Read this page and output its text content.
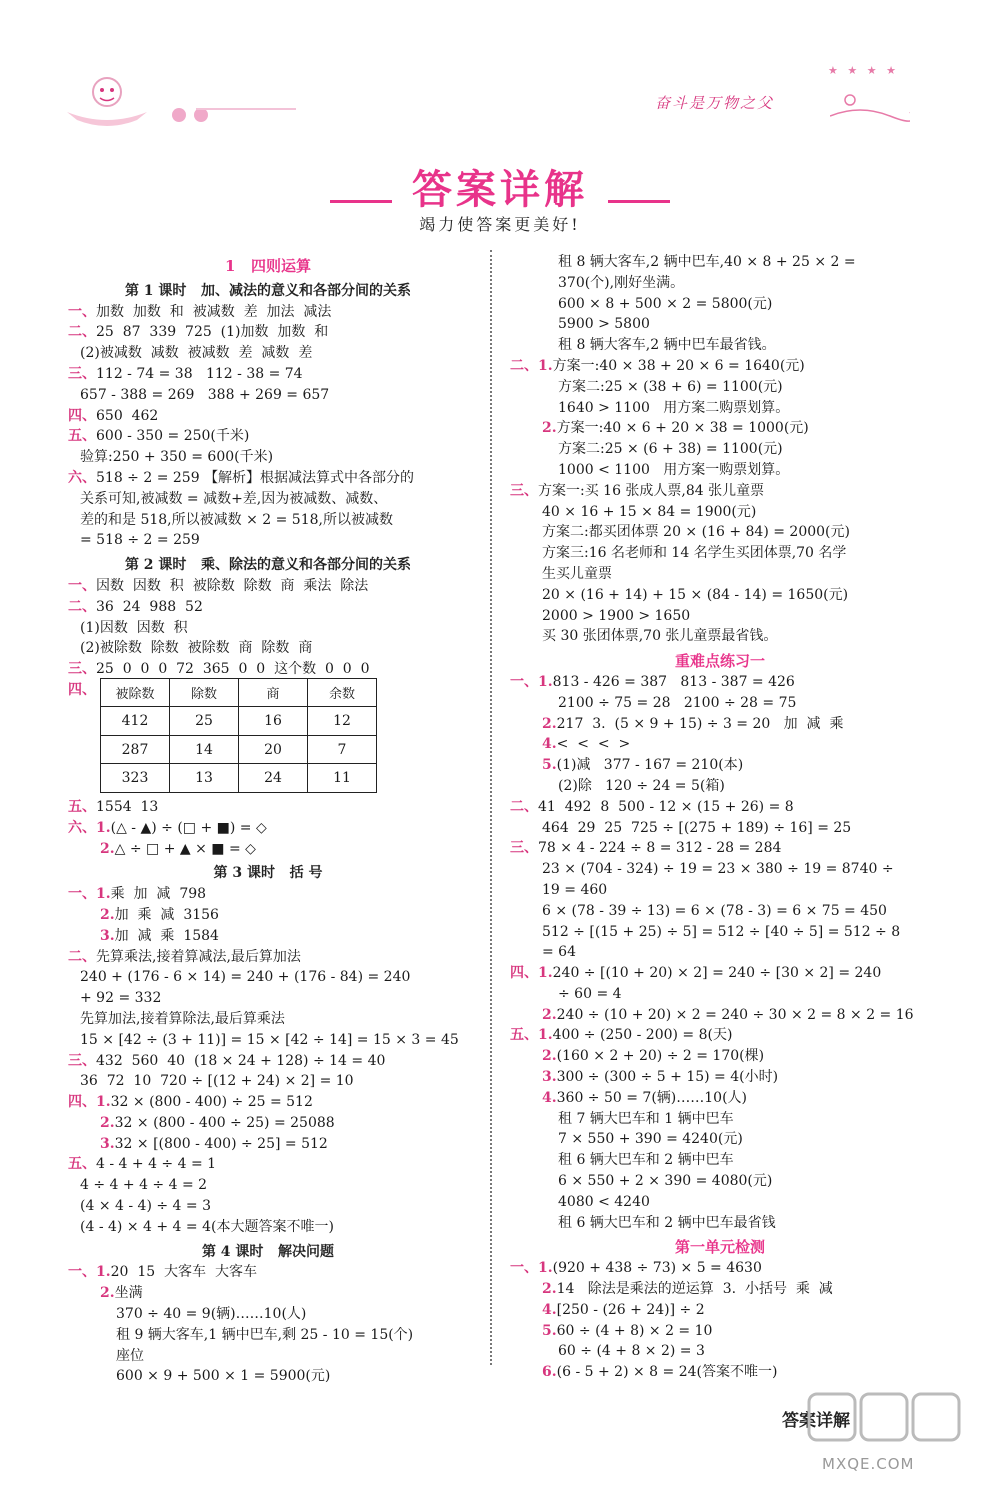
奋斗是万物之父
★ ★ ★ ★
答案详解
竭力使答案更美好!
1   四则运算
第 1 课时   加、减法的意义和各部分间的关系
一、加数  加数  和  被减数  差  加法  减法
二、25  87  339  725  (1)加数  加数  和
(2)被减数  减数  被减数  差  减数  差
三、112 - 74 = 38   112 - 38 = 74
657 - 388 = 269   388 + 269 = 657
四、650  462
五、600 - 350 = 250(千米)
验算:250 + 350 = 600(千米)
六、518 ÷ 2 = 259 【解析】根据减法算式中各部分的
关系可知,被减数 = 减数+差,因为被减数、减数、
差的和是 518,所以被减数 × 2 = 518,所以被减数
= 518 ÷ 2 = 259
第 2 课时   乘、除法的意义和各部分间的关系
一、因数  因数  积  被除数  除数  商  乘法  除法
二、36  24  988  52
(1)因数  因数  积
(2)被除数  除数  被除数  商  除数  商
三、25  0  0  0  72  365  0  0  这个数  0  0  0
四、	被除数	除数	商	余数
412	25	16	12
287	14	20	7
323	13	24	11
五、1554  13
六、1.(△ - ▲) ÷ (□ + ■) = ◇
2.△ ÷ □ + ▲ × ■ = ◇
第 3 课时   括 号
一、1.乘  加  减  798
2.加  乘  减  3156
3.加  减  乘  1584
二、先算乘法,接着算减法,最后算加法
240 + (176 - 6 × 14) = 240 + (176 - 84) = 240
+ 92 = 332
先算加法,接着算除法,最后算乘法
15 × [42 ÷ (3 + 11)] = 15 × [42 ÷ 14] = 15 × 3 = 45
三、432  560  40  (18 × 24 + 128) ÷ 14 = 40
36  72  10  720 ÷ [(12 + 24) × 2] = 10
四、1.32 × (800 - 400) ÷ 25 = 512
2.32 × (800 - 400 ÷ 25) = 25088
3.32 × [(800 - 400) ÷ 25] = 512
五、4 - 4 + 4 ÷ 4 = 1
4 ÷ 4 + 4 ÷ 4 = 2
(4 × 4 - 4) ÷ 4 = 3
(4 - 4) × 4 + 4 = 4(本大题答案不唯一)
第 4 课时   解决问题
一、1.20  15  大客车  大客车
2.坐满
370 ÷ 40 = 9(辆)……10(人)
租 9 辆大客车,1 辆中巴车,剩 25 - 10 = 15(个)
座位
600 × 9 + 500 × 1 = 5900(元)
租 8 辆大客车,2 辆中巴车,40 × 8 + 25 × 2 =
370(个),刚好坐满。
600 × 8 + 500 × 2 = 5800(元)
5900 > 5800
租 8 辆大客车,2 辆中巴车最省钱。
二、1.方案一:40 × 38 + 20 × 6 = 1640(元)
方案二:25 × (38 + 6) = 1100(元)
1640 > 1100   用方案二购票划算。
2.方案一:40 × 6 + 20 × 38 = 1000(元)
方案二:25 × (6 + 38) = 1100(元)
1000 < 1100   用方案一购票划算。
三、方案一:买 16 张成人票,84 张儿童票
40 × 16 + 15 × 84 = 1900(元)
方案二:都买团体票 20 × (16 + 84) = 2000(元)
方案三:16 名老师和 14 名学生买团体票,70 名学
生买儿童票
20 × (16 + 14) + 15 × (84 - 14) = 1650(元)
2000 > 1900 > 1650
买 30 张团体票,70 张儿童票最省钱。
重难点练习一
一、1.813 - 426 = 387   813 - 387 = 426
2100 ÷ 75 = 28   2100 ÷ 28 = 75
2.217  3.  (5 × 9 + 15) ÷ 3 = 20   加  减  乘
4.<  <  <  >
5.(1)减   377 - 167 = 210(本)
(2)除   120 ÷ 24 = 5(箱)
二、41  492  8  500 - 12 × (15 + 26) = 8
464  29  25  725 ÷ [(275 + 189) ÷ 16] = 25
三、78 × 4 - 224 ÷ 8 = 312 - 28 = 284
23 × (704 - 324) ÷ 19 = 23 × 380 ÷ 19 = 8740 ÷
19 = 460
6 × (78 - 39 ÷ 13) = 6 × (78 - 3) = 6 × 75 = 450
512 ÷ [(15 + 25) ÷ 5] = 512 ÷ [40 ÷ 5] = 512 ÷ 8
= 64
四、1.240 ÷ [(10 + 20) × 2] = 240 ÷ [30 × 2] = 240
÷ 60 = 4
2.240 ÷ (10 + 20) × 2 = 240 ÷ 30 × 2 = 8 × 2 = 16
五、1.400 ÷ (250 - 200) = 8(天)
2.(160 × 2 + 20) ÷ 2 = 170(棵)
3.300 ÷ (300 ÷ 5 + 15) = 4(小时)
4.360 ÷ 50 = 7(辆)……10(人)
租 7 辆大巴车和 1 辆中巴车
7 × 550 + 390 = 4240(元)
租 6 辆大巴车和 2 辆中巴车
6 × 550 + 2 × 390 = 4080(元)
4080 < 4240
租 6 辆大巴车和 2 辆中巴车最省钱
第一单元检测
一、1.(920 + 438 ÷ 73) × 5 = 4630
2.14   除法是乘法的逆运算  3.  小括号  乘  减
4.[250 - (26 + 24)] ÷ 2
5.60 ÷ (4 + 8) × 2 = 10
60 ÷ (4 + 8 × 2) = 3
6.(6 - 5 + 2) × 8 = 24(答案不唯一)
答案详解
MXQE.COM
